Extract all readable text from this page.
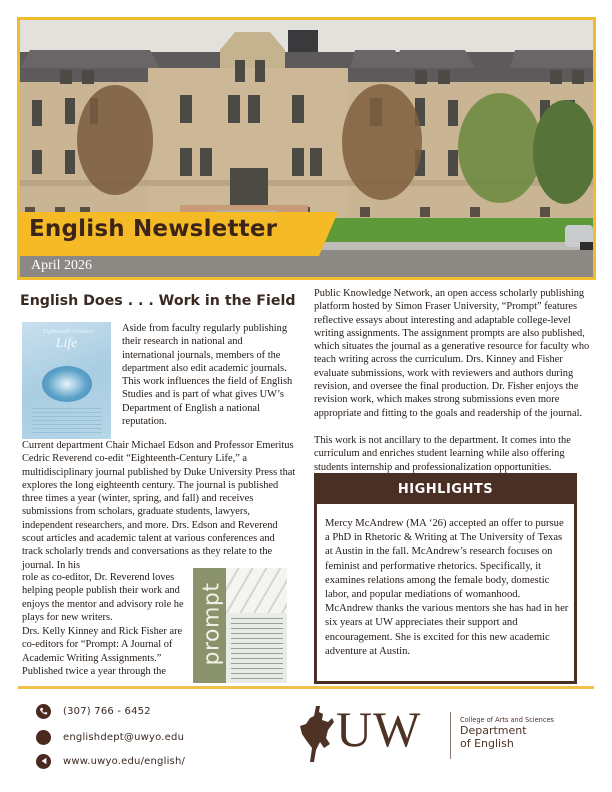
English Newsletter
April 2026
English Does . . . Work in the Field
Eighteenth-Century
Life

Aside from faculty regularly publishing their research in national and international journals, members of the department also edit academic journals. This work influences the field of English Studies and is part of what gives UW’s Department of English a national reputation.

Current department Chair Michael Edson and Professor Emeritus Cedric Reverend co-edit “Eighteenth-Century Life,” a multidisciplinary journal published by Duke University Press that explores the long eighteenth century. The journal is published three times a year (winter, spring, and fall) and receives submissions from scholars, graduate students, lawyers, independent researchers, and more. Drs. Edson and Reverend scout articles and academic talent at various conferences and track scholarly trends and conversations as they relate to the journal. In his

role as co-editor, Dr. Reverend loves helping people publish their work and enjoys the mentor and advisory role he plays for new writers.

Drs. Kelly Kinney and Rick Fisher are co-editors for “Prompt: A Journal of Academic Writing Assignments.” Published twice a year through the

prompt

Public Knowledge Network, an open access scholarly publishing platform hosted by Simon Fraser University, “Prompt” features reflective essays about interesting and adaptable college-level writing assignments. The assignment prompts are also published, which situates the journal as a generative resource for faculty who teach writing across the curriculum. Drs. Kinney and Fisher evaluate submissions, work with reviewers and authors during revision, and oversee the final production. Dr. Fisher enjoys the revision work, which makes strong submissions even more appropriate and fitting to the goals and readership of the journal.

This work is not ancillary to the department. It comes into the curriculum and enriches student learning while also offering students internship and professionalization opportunities.

HIGHLIGHTS

Mercy McAndrew (MA ‘26) accepted an offer to pursue a PhD in Rhetoric & Writing at The University of Texas at Austin in the fall. McAndrew’s research focuses on feminist and performative rhetorics. Specifically, it examines relations among the female body, domestic labor, and popular mediations of womanhood. McAndrew thanks the various mentors she has had in her six years at UW appreciates their support and encouragement. She is excited for this new academic adventure at Austin.

(307) 766 - 6452
englishdept@uwyo.edu
www.uwyo.edu/english/
UW	College of Arts and Sciences
Department
of English
